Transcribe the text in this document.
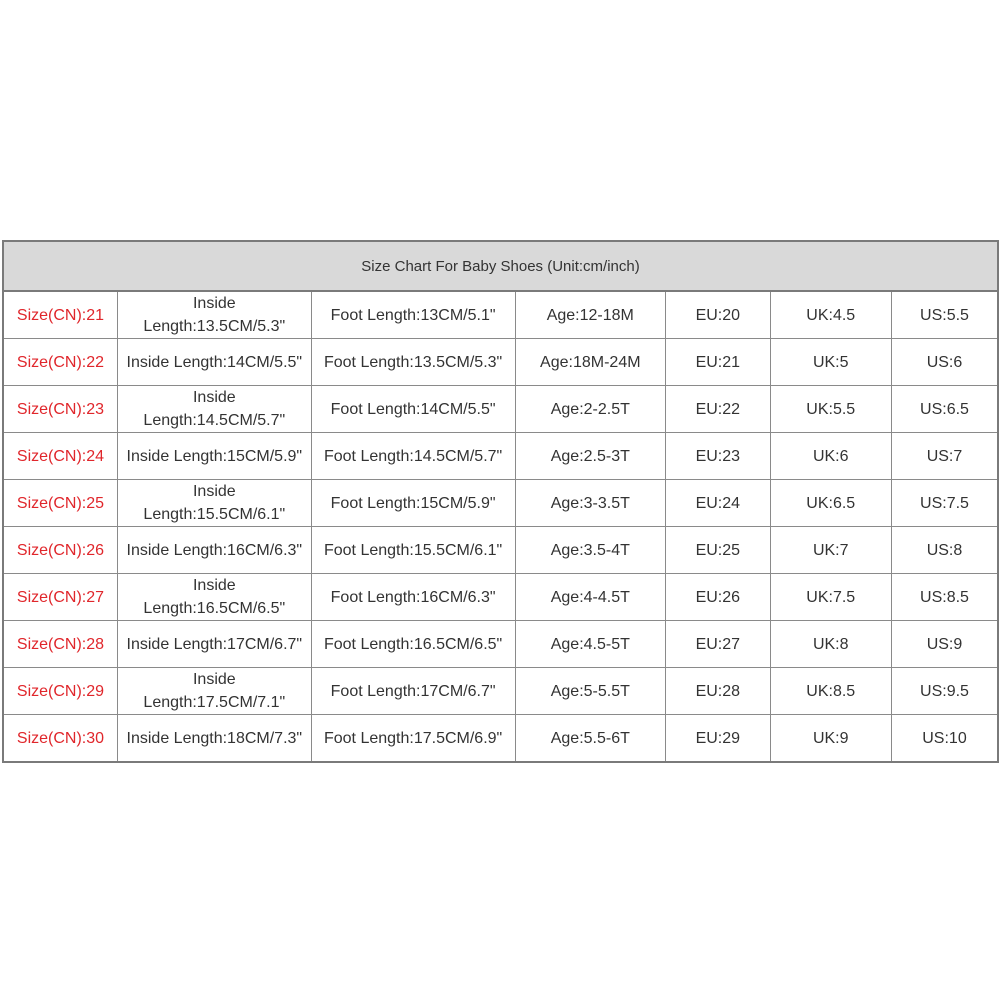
Size Chart For Baby Shoes (Unit:cm/inch)						
Size(CN):21	Inside Length:13.5CM/5.3"	Foot Length:13CM/5.1"	Age:12-18M	EU:20	UK:4.5	US:5.5
Size(CN):22	Inside Length:14CM/5.5"	Foot Length:13.5CM/5.3"	Age:18M-24M	EU:21	UK:5	US:6
Size(CN):23	Inside Length:14.5CM/5.7"	Foot Length:14CM/5.5"	Age:2-2.5T	EU:22	UK:5.5	US:6.5
Size(CN):24	Inside Length:15CM/5.9"	Foot Length:14.5CM/5.7"	Age:2.5-3T	EU:23	UK:6	US:7
Size(CN):25	Inside Length:15.5CM/6.1"	Foot Length:15CM/5.9"	Age:3-3.5T	EU:24	UK:6.5	US:7.5
Size(CN):26	Inside Length:16CM/6.3"	Foot Length:15.5CM/6.1"	Age:3.5-4T	EU:25	UK:7	US:8
Size(CN):27	Inside Length:16.5CM/6.5"	Foot Length:16CM/6.3"	Age:4-4.5T	EU:26	UK:7.5	US:8.5
Size(CN):28	Inside Length:17CM/6.7"	Foot Length:16.5CM/6.5"	Age:4.5-5T	EU:27	UK:8	US:9
Size(CN):29	Inside Length:17.5CM/7.1"	Foot Length:17CM/6.7"	Age:5-5.5T	EU:28	UK:8.5	US:9.5
Size(CN):30	Inside Length:18CM/7.3"	Foot Length:17.5CM/6.9"	Age:5.5-6T	EU:29	UK:9	US:10
